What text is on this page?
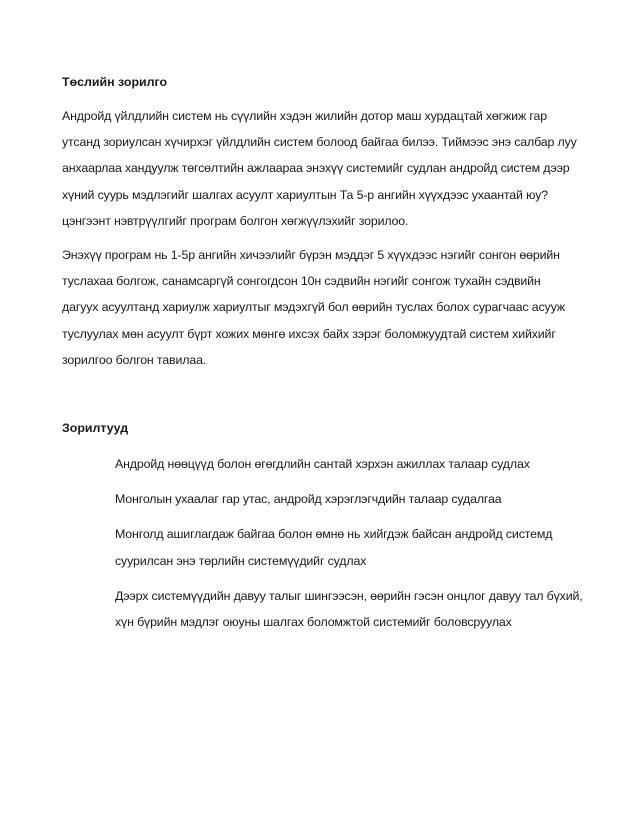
Төслийн зорилго

Андройд үйлдлийн систем нь сүүлийн хэдэн жилийн дотор маш хурдацтай хөгжиж гар
утсанд зориулсан хүчирхэг үйлдлийн систем болоод байгаа билээ. Тиймээс энэ салбар луу
анхаарлаа хандуулж төгсөлтийн ажлаараа энэхүү системийг судлан андройд систем дээр
хүний суурь мэдлэгийг шалгах асуулт хариултын Та 5-р ангийн хүүхдээс ухаантай юу?
цэнгээнт нэвтрүүлгийг програм болгон хөгжүүлэхийг зорилоо.

Энэхүү програм нь 1-5р ангийн хичээлийг бүрэн мэддэг 5 хүүхдээс нэгийг сонгон өөрийн
туслахаа болгож, санамсаргүй сонгогдсон 10н сэдвийн нэгийг сонгож тухайн сэдвийн
дагуух асуултанд хариулж хариултыг мэдэхгүй бол өөрийн туслах болох сурагчаас асууж
туслуулах мөн асуулт бүрт хожих мөнгө ихсэх байх зэрэг боломжуудтай систем хийхийг
зорилгоо болгон тавилаа.

Зорилтууд
Андройд нөөцүүд болон өгөгдлийн сантай хэрхэн ажиллах талаар судлах
Монголын ухаалаг гар утас, андройд хэрэглэгчдийн талаар судалгаа
Монголд ашиглагдаж байгаа болон өмнө нь хийгдэж байсан андройд системд
суурилсан энэ төрлийн системүүдийг судлах
Дээрх системүүдийн давуу талыг шингээсэн, өөрийн гэсэн онцлог давуу тал бүхий,
хүн бүрийн мэдлэг оюуны шалгах боломжтой системийг боловсруулах
